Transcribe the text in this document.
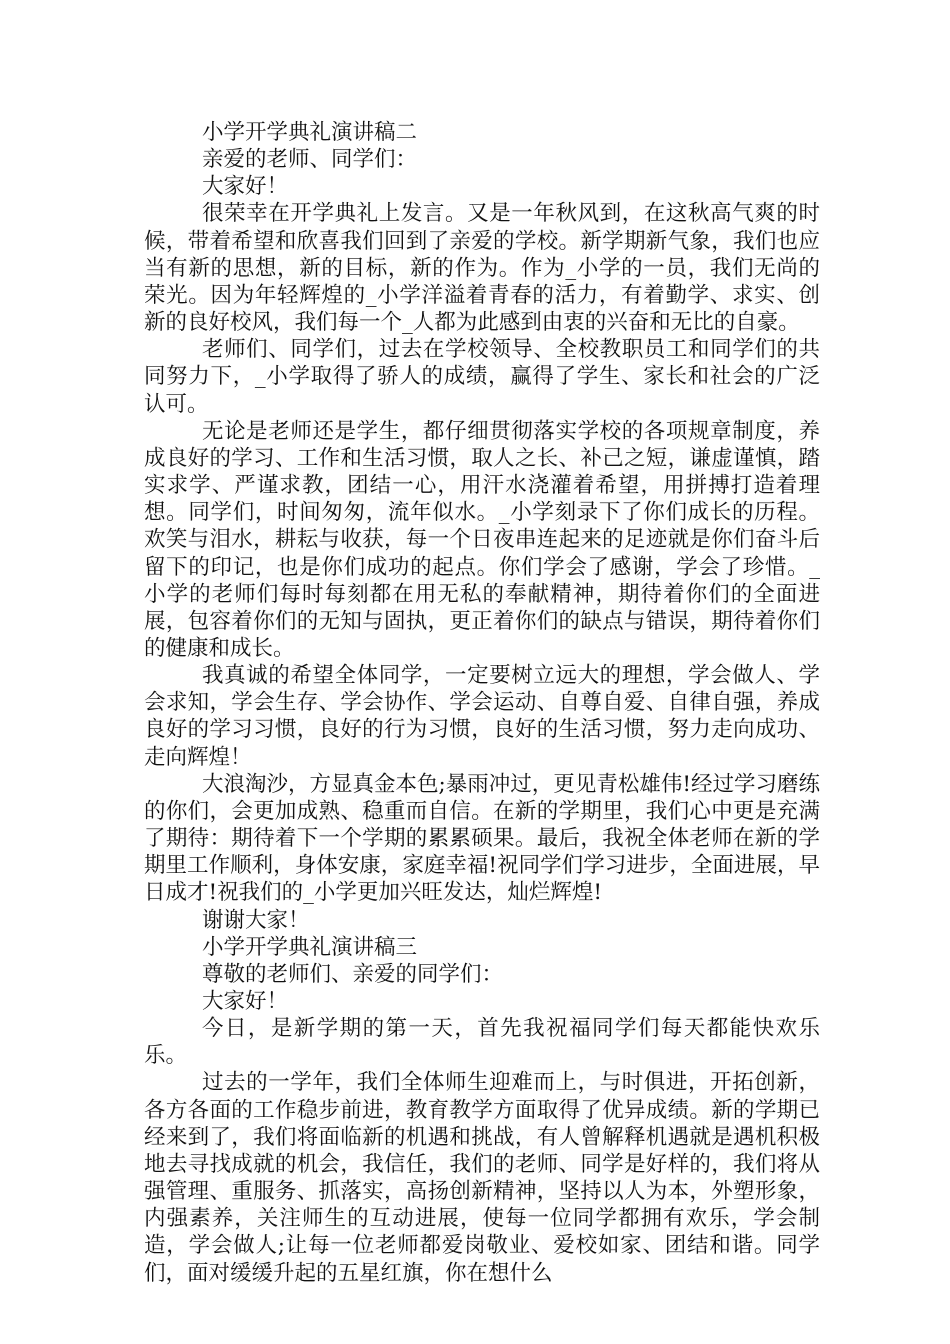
小学开学典礼演讲稿二

亲爱的老师、同学们：

大家好！

很荣幸在开学典礼上发言。又是一年秋风到，在这秋高气爽的时候，带着希望和欣喜我们回到了亲爱的学校。新学期新气象，我们也应当有新的思想，新的目标，新的作为。作为_小学的一员，我们无尚的荣光。因为年轻辉煌的_小学洋溢着青春的活力，有着勤学、求实、创新的良好校风，我们每一个_人都为此感到由衷的兴奋和无比的自豪。

老师们、同学们，过去在学校领导、全校教职员工和同学们的共同努力下，_小学取得了骄人的成绩，赢得了学生、家长和社会的广泛认可。

无论是老师还是学生，都仔细贯彻落实学校的各项规章制度，养成良好的学习、工作和生活习惯，取人之长、补己之短，谦虚谨慎，踏实求学、严谨求教，团结一心，用汗水浇灌着希望，用拼搏打造着理想。同学们，时间匆匆，流年似水。_小学刻录下了你们成长的历程。欢笑与泪水，耕耘与收获，每一个日夜串连起来的足迹就是你们奋斗后留下的印记，也是你们成功的起点。你们学会了感谢，学会了珍惜。_小学的老师们每时每刻都在用无私的奉献精神，期待着你们的全面进展，包容着你们的无知与固执，更正着你们的缺点与错误，期待着你们的健康和成长。

我真诚的希望全体同学，一定要树立远大的理想，学会做人、学会求知，学会生存、学会协作、学会运动、自尊自爱、自律自强，养成良好的学习习惯，良好的行为习惯，良好的生活习惯，努力走向成功、走向辉煌！

大浪淘沙，方显真金本色;暴雨冲过，更见青松雄伟!经过学习磨练的你们，会更加成熟、稳重而自信。在新的学期里，我们心中更是充满了期待：期待着下一个学期的累累硕果。最后，我祝全体老师在新的学期里工作顺利，身体安康，家庭幸福!祝同学们学习进步，全面进展，早日成才!祝我们的_小学更加兴旺发达，灿烂辉煌!

谢谢大家！

小学开学典礼演讲稿三

尊敬的老师们、亲爱的同学们：

大家好！

今日，是新学期的第一天，首先我祝福同学们每天都能快欢乐乐。

过去的一学年，我们全体师生迎难而上，与时俱进，开拓创新，各方各面的工作稳步前进，教育教学方面取得了优异成绩。新的学期已经来到了，我们将面临新的机遇和挑战，有人曾解释机遇就是遇机积极地去寻找成就的机会，我信任，我们的老师、同学是好样的，我们将从强管理、重服务、抓落实，高扬创新精神，坚持以人为本，外塑形象，内强素养，关注师生的互动进展，使每一位同学都拥有欢乐，学会制造，学会做人;让每一位老师都爱岗敬业、爱校如家、团结和谐。同学们，面对缓缓升起的五星红旗，你在想什么
